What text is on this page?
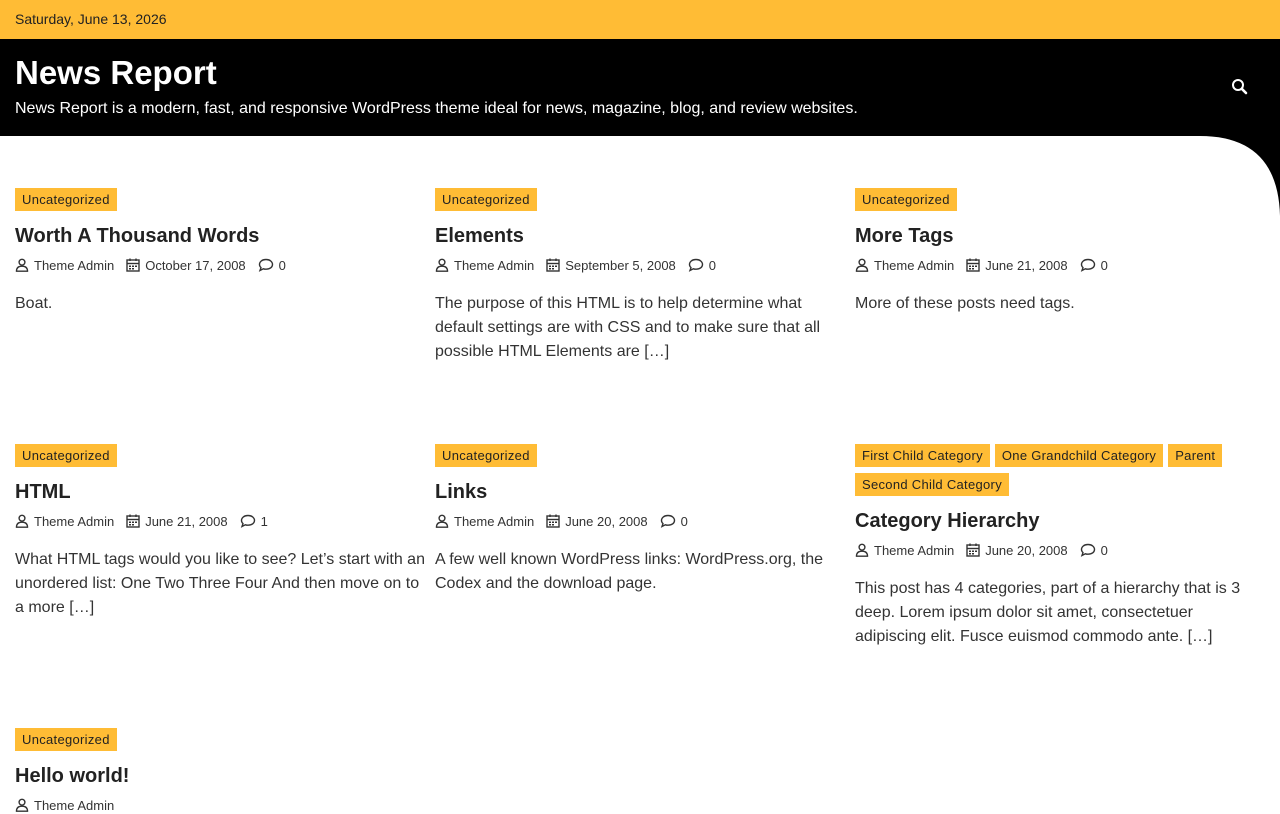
Saturday, June 13, 2026
News Report
News Report is a modern, fast, and responsive WordPress theme ideal for news, magazine, blog, and review websites.
Uncategorized
Worth A Thousand Words
Theme Admin October 17, 2008	0
Boat.
Uncategorized
Elements
Theme Admin September 5, 2008	0
The purpose of this HTML is to help determine what default settings are with CSS and to make sure that all possible HTML Elements are […]
Uncategorized
More Tags
Theme Admin June 21, 2008	0
More of these posts need tags.
Uncategorized
HTML
Theme Admin June 21, 2008	1
What HTML tags would you like to see? Let’s start with an unordered list: One Two Three Four And then move on to a more […]
Uncategorized
Links
Theme Admin June 20, 2008	0
A few well known WordPress links: WordPress.org, the Codex and the download page.
First Child Category	One Grandchild Category	Parent
Second Child Category
Category Hierarchy
Theme Admin June 20, 2008	0
This post has 4 categories, part of a hierarchy that is 3 deep. Lorem ipsum dolor sit amet, consectetuer adipiscing elit. Fusce euismod commodo ante. […]
Uncategorized
Hello world!
Theme Admin
